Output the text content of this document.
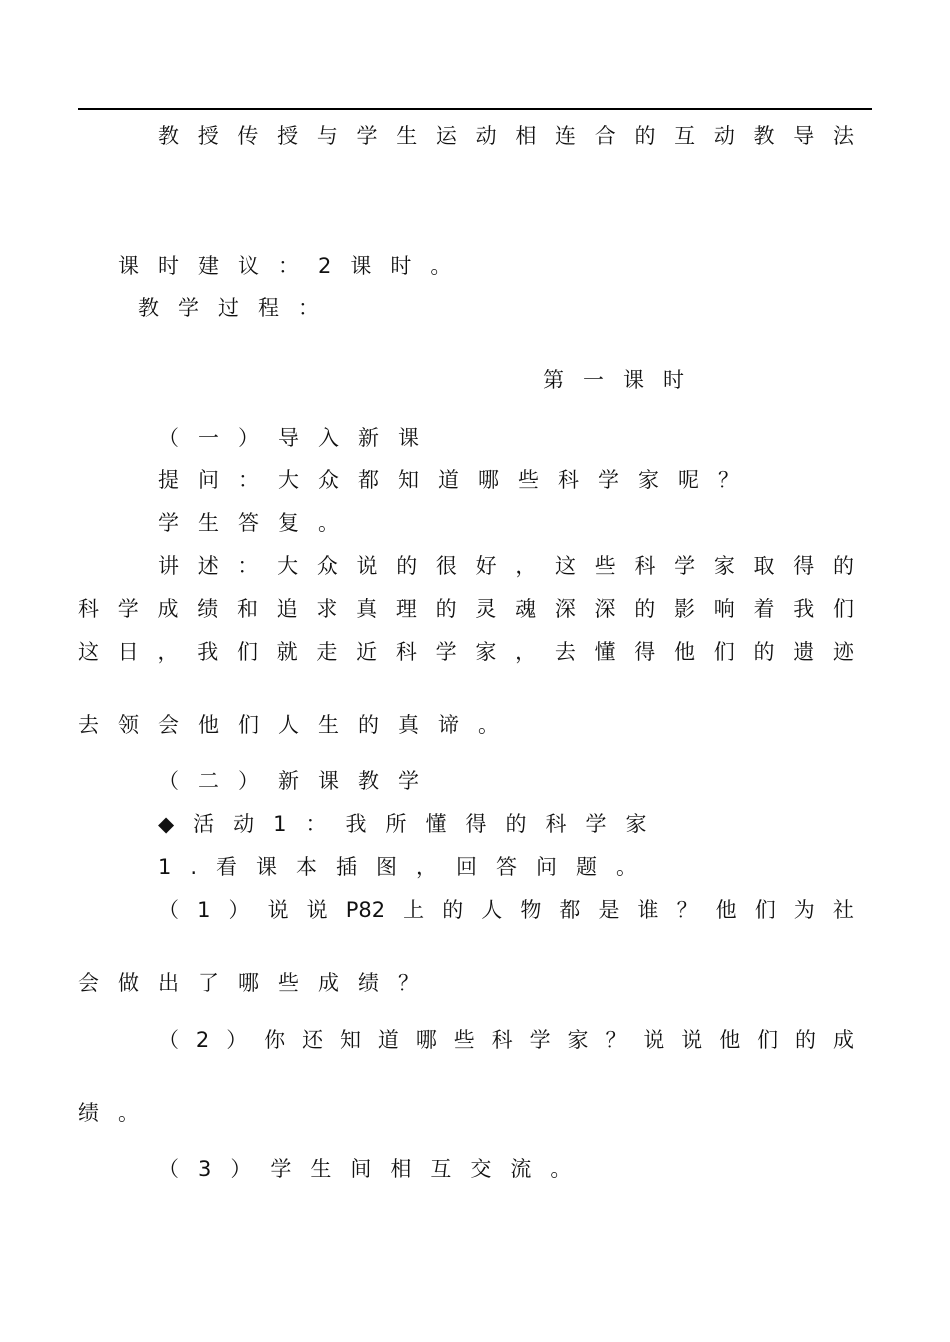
教 授 传 授 与 学 生 运 动 相 连 合 的 互 动 教 导 法
课时建议：2课时。
教学过程：
第一课时
（一）导入新课
提问：大众都知道哪些科学家呢？
学生答复。
讲 述 ： 大 众 说 的 很 好 ， 这 些 科 学 家 取 得 的
科 学 成 绩 和 追 求 真 理 的 灵 魂 深 深 的 影 响 着 我 们
这 日 ， 我 们 就 走 近 科 学 家 ， 去 懂 得 他 们 的 遗 迹
去领会他们人生的真谛。
（二）新课教学
◆活动1：我所懂得的科学家
1.看课本插图，回答问题。
（ 1 ） 说 说 P82 上 的 人 物 都 是 谁 ？ 他 们 为 社
会做出了哪些成绩？
（ 2 ） 你 还 知 道 哪 些 科 学 家 ？ 说 说 他 们 的 成
绩。
（3）学生间相互交流。
